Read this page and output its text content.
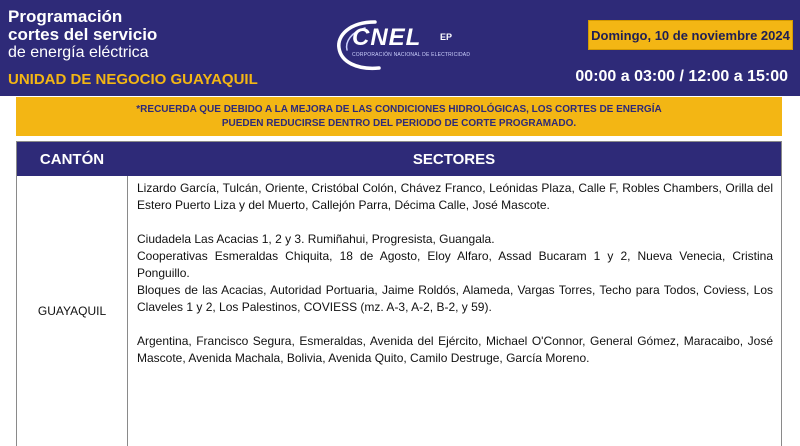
Programación
cortes del servicio
de energía eléctrica
UNIDAD DE NEGOCIO GUAYAQUIL
CNEL EP
CORPORACIÓN NACIONAL DE ELECTRICIDAD
Domingo, 10 de noviembre 2024
00:00 a 03:00 / 12:00 a 15:00
*RECUERDA QUE DEBIDO A LA MEJORA DE LAS CONDICIONES HIDROLÓGICAS, LOS CORTES DE ENERGÍA
PUEDEN REDUCIRSE DENTRO DEL PERIODO DE CORTE PROGRAMADO.
CANTÓN	SECTORES
GUAYAQUIL

Lizardo García, Tulcán, Oriente, Cristóbal Colón, Chávez Franco, Leónidas Plaza, Calle F, Robles Chambers, Orilla del Estero Puerto Liza y del Muerto, Callejón Parra, Décima Calle, José Mascote.

Ciudadela Las Acacias 1, 2 y 3. Rumiñahui, Progresista, Guangala.

Cooperativas Esmeraldas Chiquita, 18 de Agosto, Eloy Alfaro, Assad Bucaram 1 y 2, Nueva Venecia, Cristina Ponguillo.

Bloques de las Acacias, Autoridad Portuaria, Jaime Roldós, Alameda, Vargas Torres, Techo para Todos, Coviess, Los Claveles 1 y 2, Los Palestinos, COVIESS (mz. A-3, A-2, B-2, y 59).

Argentina, Francisco Segura, Esmeraldas, Avenida del Ejército, Michael O'Connor, General Gómez, Maracaibo, José Mascote, Avenida Machala, Bolivia, Avenida Quito, Camilo Destruge, García Moreno.
